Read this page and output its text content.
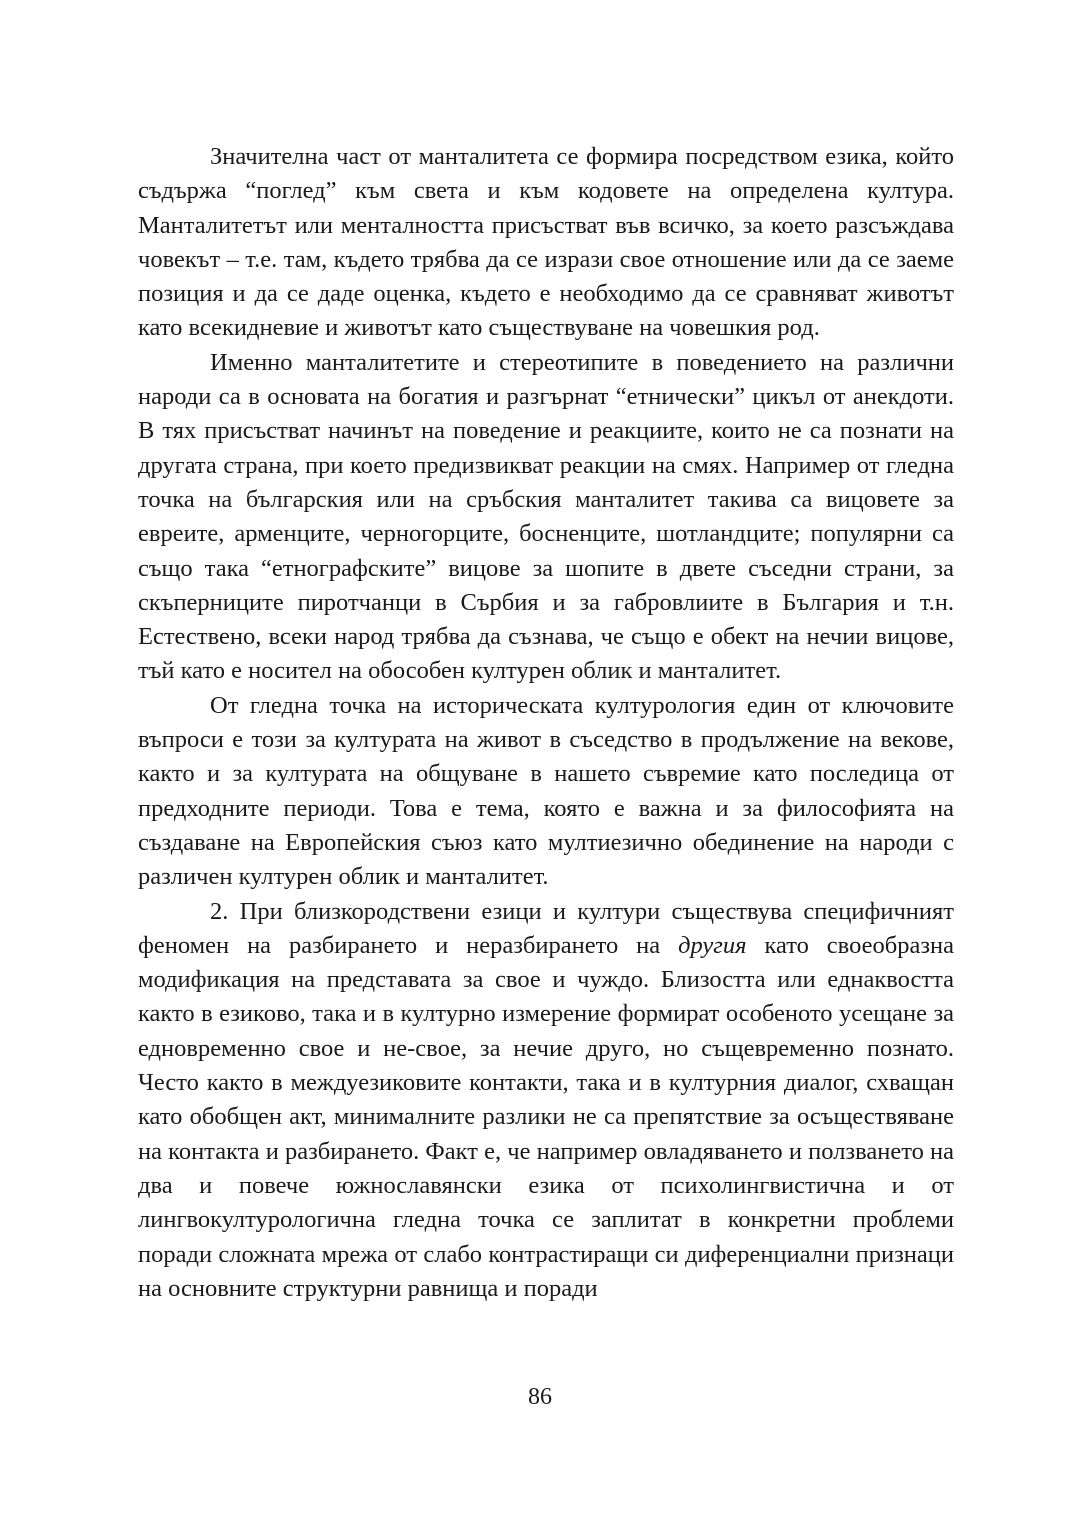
Значителна част от манталитета се формира посредством езика, който съдържа “поглед” към света и към кодовете на определена култура. Манталитетът или менталността присъстват във всичко, за което разсъждава човекът – т.е. там, където трябва да се изрази свое отношение или да се заеме позиция и да се даде оценка, където е необходимо да се сравняват животът като всекидневие и животът като съществуване на човешкия род.

Именно манталитетите и стереотипите в поведението на различни народи са в основата на богатия и разгърнат “етнически” цикъл от анекдоти. В тях присъстват начинът на поведение и реакциите, които не са познати на другата страна, при което предизвикват реакции на смях. Например от гледна точка на българския или на сръбския манталитет такива са вицовете за евреите, арменците, черногорците, босненците, шотландците; популярни са също така “етнографските” вицове за шопите в двете съседни страни, за скъперниците пиротчанци в Сърбия и за габровлиите в България и т.н. Естествено, всеки народ трябва да съзнава, че също е обект на нечии вицове, тъй като е носител на обособен културен облик и манталитет.

От гледна точка на историческата културология един от ключовите въпроси е този за културата на живот в съседство в продължение на векове, както и за културата на общуване в нашето съвремие като последица от предходните периоди. Това е тема, която е важна и за философията на създаване на Европейския съюз като мултиезично обединение на народи с различен културен облик и манталитет.

2. При близкородствени езици и култури съществува специфичният феномен на разбирането и неразбирането на другия като своеобразна модификация на представата за свое и чуждо. Близостта или еднаквостта както в езиково, така и в културно измерение формират особеното усещане за едновременно свое и не-свое, за нечие друго, но същевременно познато. Често както в междуезиковите контакти, така и в културния диалог, схващан като обобщен акт, минималните разлики не са препятствие за осъществяване на контакта и разбирането. Факт е, че например овладяването и ползването на два и повече южнославянски езика от психолингвистична и от лингвокултурологична гледна точка се заплитат в конкретни проблеми поради сложната мрежа от слабо контрастиращи си диференциални признаци на основните структурни равнища и поради

86
